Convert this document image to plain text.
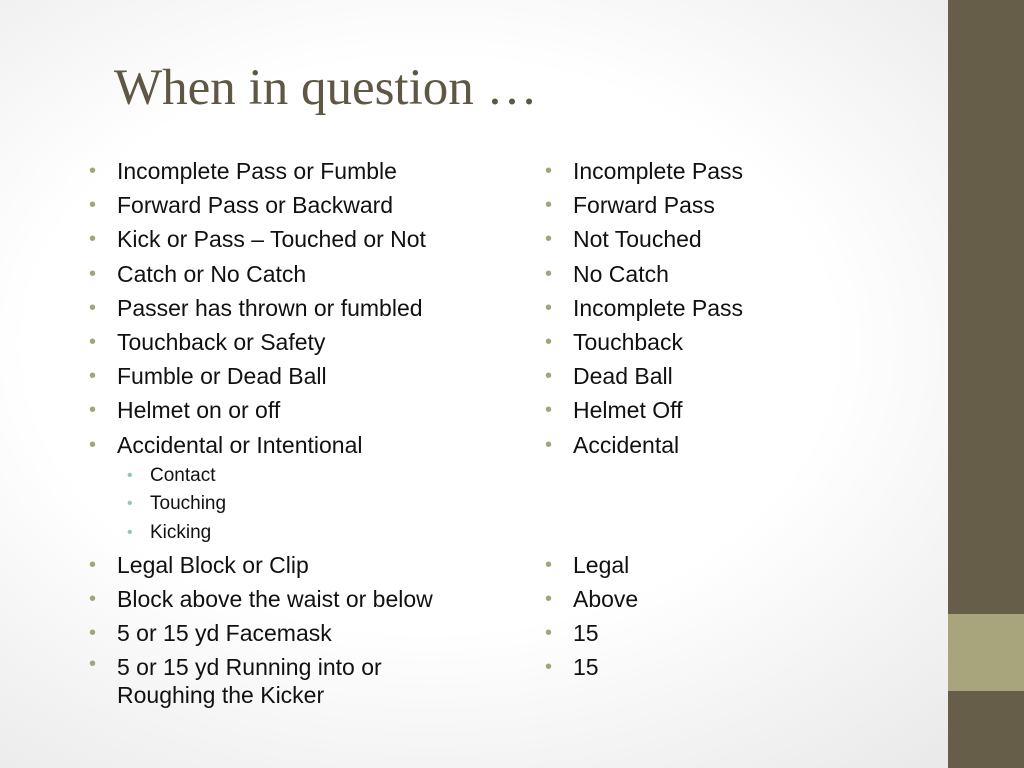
When in question …
• Incomplete Pass or Fumble
• Forward Pass or Backward
• Kick or Pass – Touched or Not
• Catch or No Catch
• Passer has thrown or fumbled
• Touchback or Safety
• Fumble or Dead Ball
• Helmet on or off
• Accidental or Intentional
• Contact
• Touching
• Kicking
• Legal Block or Clip
• Block above the waist or below
• 5 or 15 yd Facemask
• 5 or 15 yd Running into or
Roughing the Kicker
• Incomplete Pass
• Forward Pass
• Not Touched
• No Catch
• Incomplete Pass
• Touchback
• Dead Ball
• Helmet Off
• Accidental
• Legal
• Above
• 15
• 15
